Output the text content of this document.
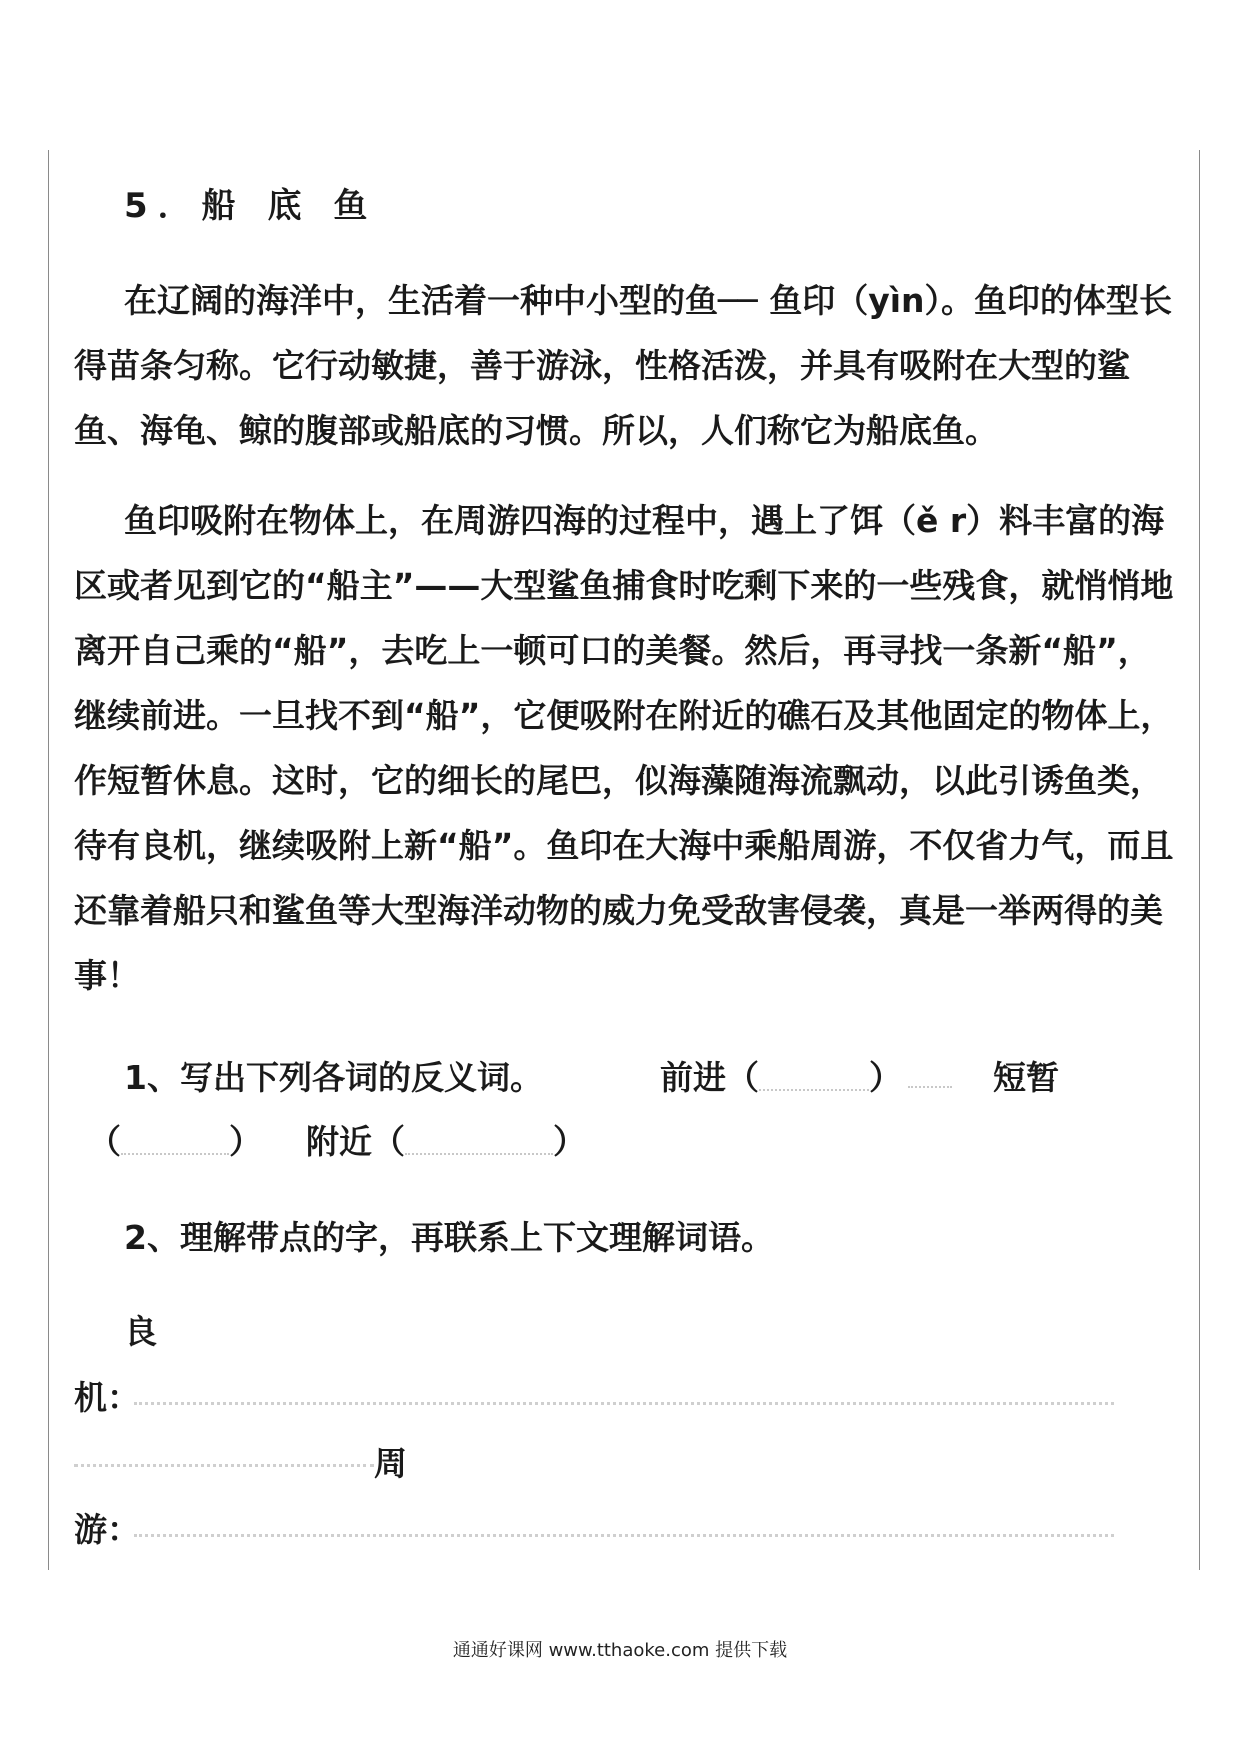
5．船 底 鱼

在辽阔的海洋中，生活着一种中小型的鱼── 鱼印（yìn）。鱼印的体型长得苗条匀称。它行动敏捷，善于游泳，性格活泼，并具有吸附在大型的鲨鱼、海龟、鲸的腹部或船底的习惯。所以，人们称它为船底鱼。

鱼印吸附在物体上，在周游四海的过程中，遇上了饵（ě r）料丰富的海区或者见到它的“船主”——大型鲨鱼捕食时吃剩下来的一些残食，就悄悄地离开自己乘的“船”，去吃上一顿可口的美餐。然后，再寻找一条新“船”，继续前进。一旦找不到“船”，它便吸附在附近的礁石及其他固定的物体上，作短暂休息。这时，它的细长的尾巴，似海藻随海流飘动，以此引诱鱼类，待有良机，继续吸附上新“船”。鱼印在大海中乘船周游，不仅省力气，而且还靠着船只和鲨鱼等大型海洋动物的威力免受敌害侵袭，真是一举两得的美事！

1、写出下列各词的反义词。	前进（	）	短暂
（	） 附近（	）
2、理解带点的字，再联系上下文理解词语。
良
机：
周
游：
通通好课网 www.tthaoke.com 提供下载
